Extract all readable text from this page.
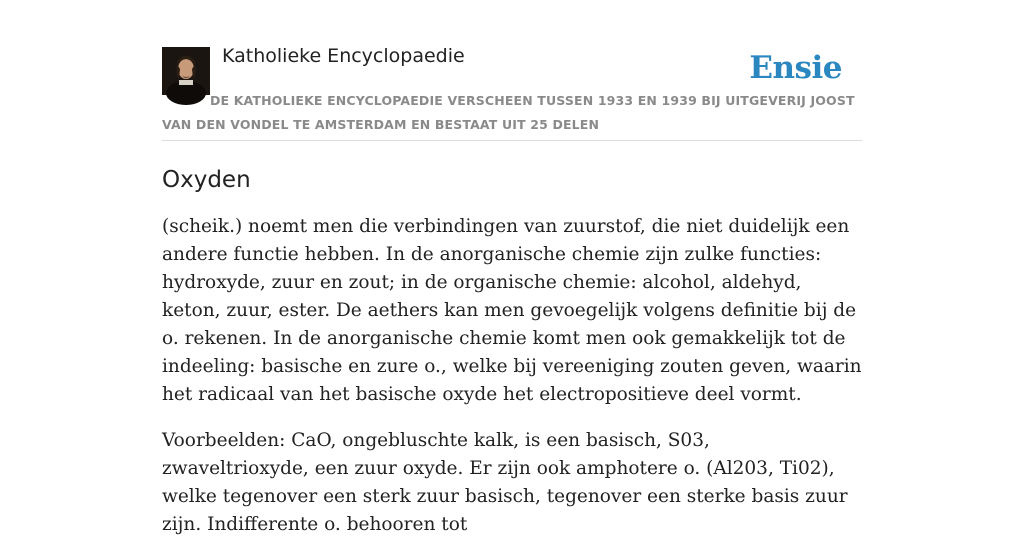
Katholieke Encyclopaedie	Ensie
DE KATHOLIEKE ENCYCLOPAEDIE VERSCHEEN TUSSEN 1933 EN 1939 BIJ UITGEVERIJ JOOST VAN DEN VONDEL TE AMSTERDAM EN BESTAAT UIT 25 DELEN
Oxyden

(scheik.) noemt men die verbindingen van zuurstof, die niet duidelijk een andere functie hebben. In de anorganische chemie zijn zulke functies: hydroxyde, zuur en zout; in de organische chemie: alcohol, aldehyd, keton, zuur, ester. De aethers kan men gevoegelijk volgens definitie bij de o. rekenen. In de anorganische chemie komt men ook gemakkelijk tot de indeeling: basische en zure o., welke bij vereeniging zouten geven, waarin het radicaal van het basische oxyde het electropositieve deel vormt.

Voorbeelden: CaO, ongebluschte kalk, is een basisch, S03, zwaveltrioxyde, een zuur oxyde. Er zijn ook amphotere o. (Al203, Ti02), welke tegenover een sterk zuur basisch, tegenover een sterke basis zuur zijn. Indifferente o. behooren tot
